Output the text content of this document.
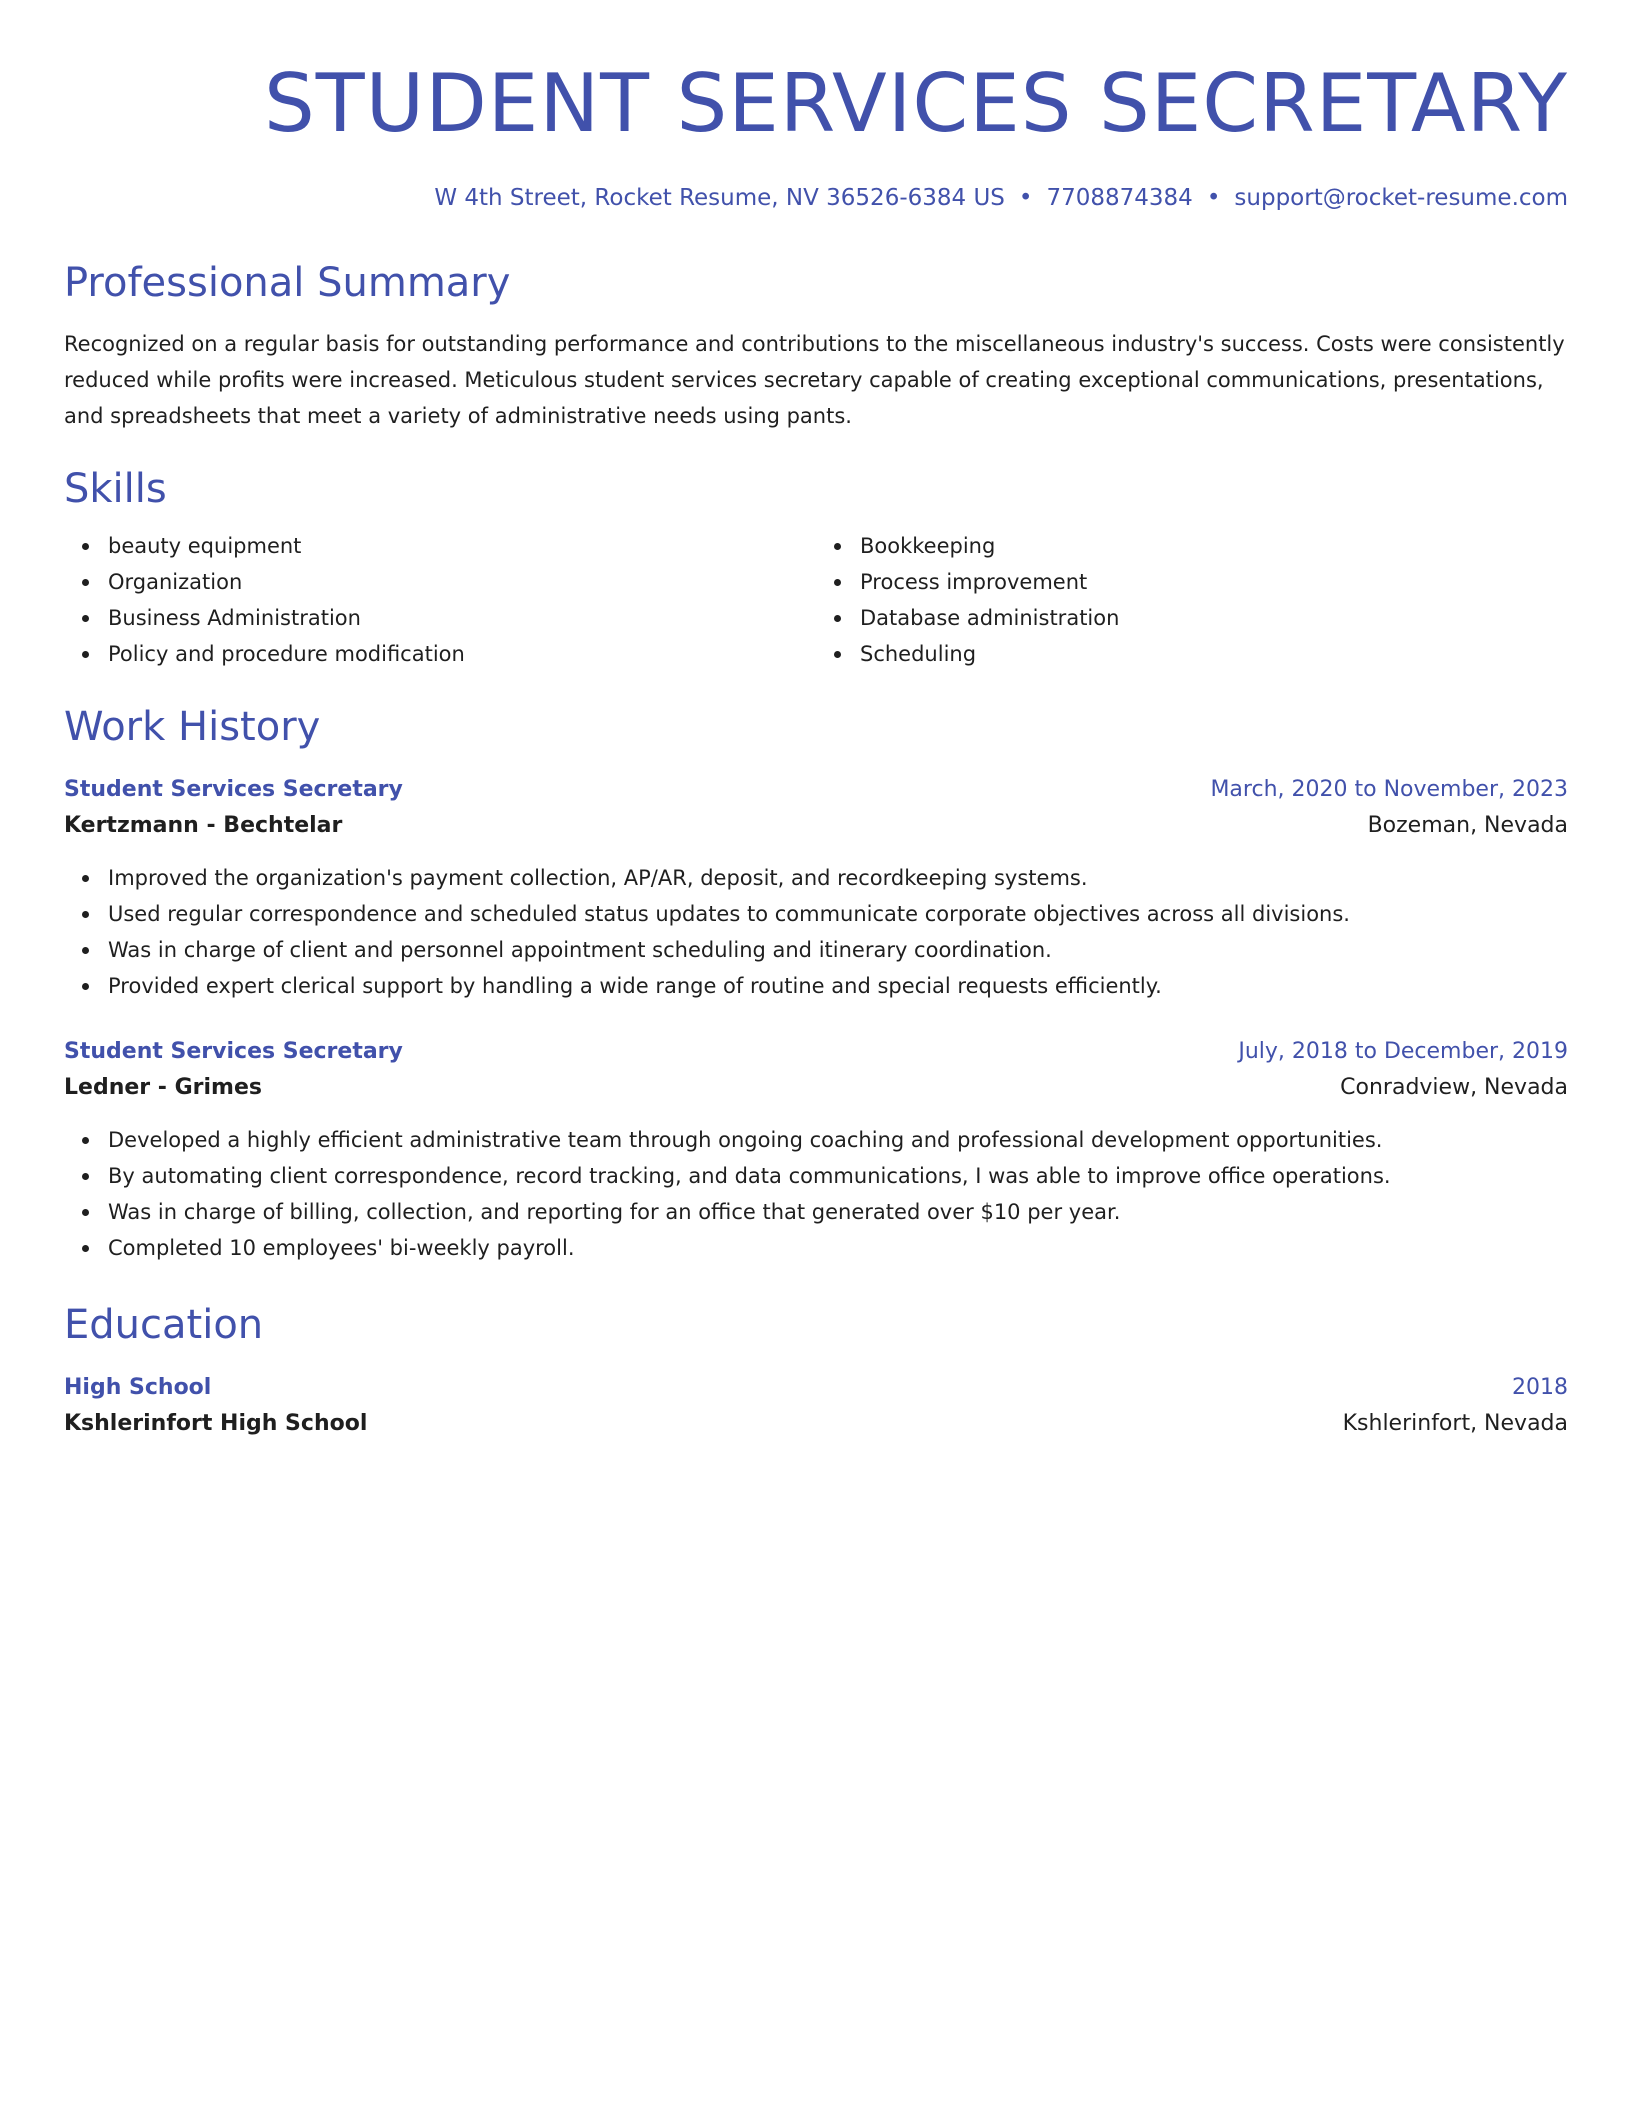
STUDENT SERVICES SECRETARY
W 4th Street, Rocket Resume, NV 36526-6384 US • 7708874384 • support@rocket-resume.com
Professional Summary

Recognized on a regular basis for outstanding performance and contributions to the miscellaneous industry's success. Costs were consistently reduced while profits were increased. Meticulous student services secretary capable of creating exceptional communications, presentations, and spreadsheets that meet a variety of administrative needs using pants.

Skills
beauty equipment
Organization
Business Administration
Policy and procedure modification
Bookkeeping
Process improvement
Database administration
Scheduling
Work History
Student Services Secretary	March, 2020 to November, 2023
Kertzmann - Bechtelar	Bozeman, Nevada
Improved the organization's payment collection, AP/AR, deposit, and recordkeeping systems.
Used regular correspondence and scheduled status updates to communicate corporate objectives across all divisions.
Was in charge of client and personnel appointment scheduling and itinerary coordination.
Provided expert clerical support by handling a wide range of routine and special requests efficiently.
Student Services Secretary	July, 2018 to December, 2019
Ledner - Grimes	Conradview, Nevada
Developed a highly efficient administrative team through ongoing coaching and professional development opportunities.
By automating client correspondence, record tracking, and data communications, I was able to improve office operations.
Was in charge of billing, collection, and reporting for an office that generated over $10 per year.
Completed 10 employees' bi-weekly payroll.
Education
High School	2018
Kshlerinfort High School	Kshlerinfort, Nevada
